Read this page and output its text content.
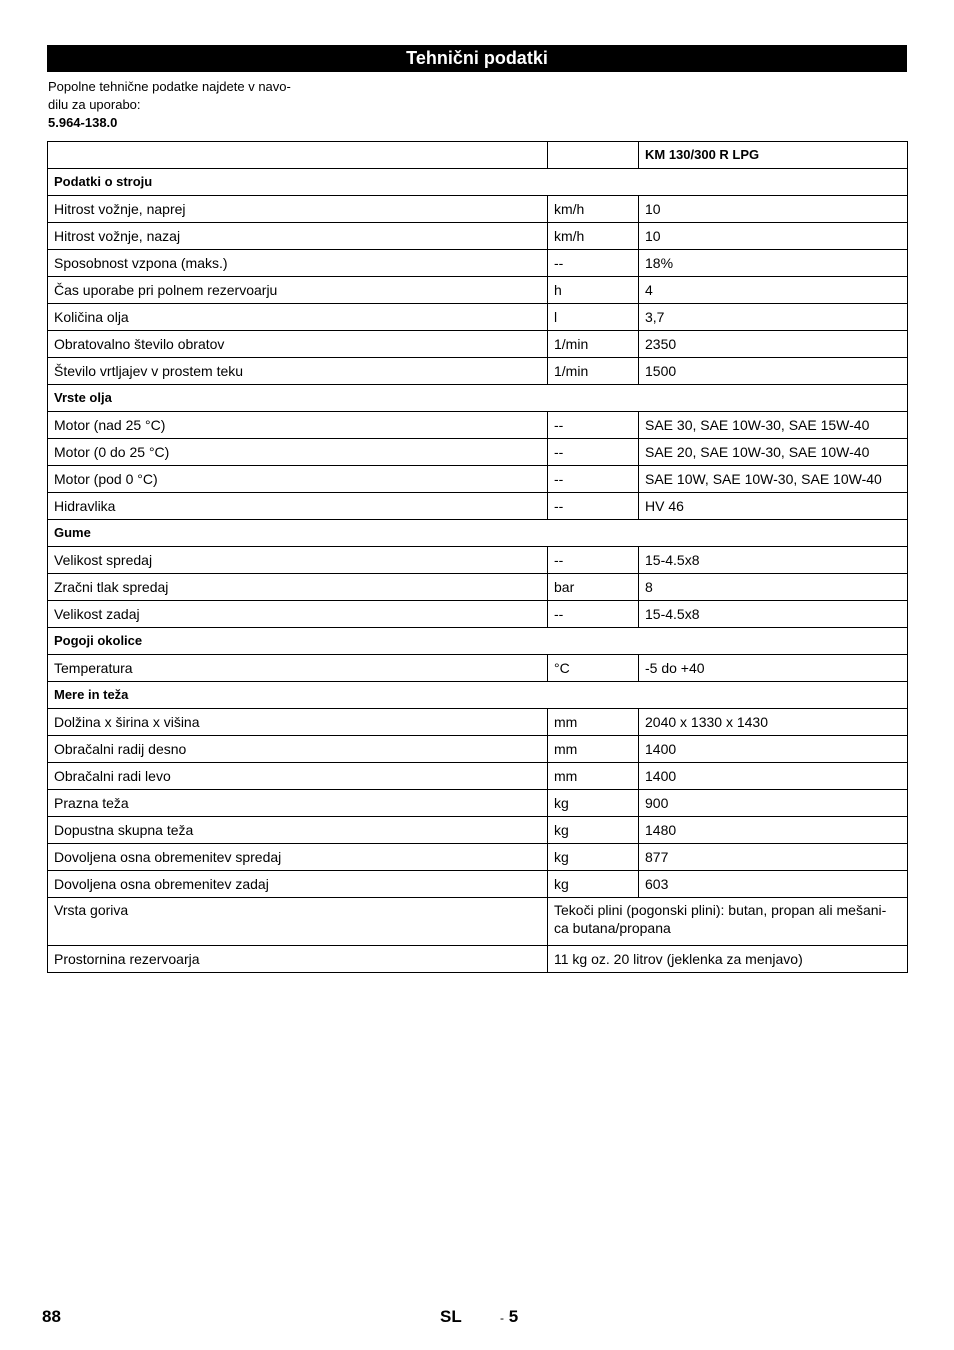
Tehnični podatki
Popolne tehnične podatke najdete v navo-
dilu za uporabo:
5.964-138.0
		KM 130/300 R LPG
Podatki o stroju		
Hitrost vožnje, naprej	km/h	10
Hitrost vožnje, nazaj	km/h	10
Sposobnost vzpona (maks.)	--	18%
Čas uporabe pri polnem rezervoarju	h	4
Količina olja	l	3,7
Obratovalno število obratov	1/min	2350
Število vrtljajev v prostem teku	1/min	1500
Vrste olja		
Motor (nad 25 °C)	--	SAE 30, SAE 10W-30, SAE 15W-40
Motor (0 do 25 °C)	--	SAE 20, SAE 10W-30, SAE 10W-40
Motor (pod 0 °C)	--	SAE 10W, SAE 10W-30, SAE 10W-40
Hidravlika	--	HV 46
Gume		
Velikost spredaj	--	15-4.5x8
Zračni tlak spredaj	bar	8
Velikost zadaj	--	15-4.5x8
Pogoji okolice		
Temperatura	°C	-5 do +40
Mere in teža		
Dolžina x širina x višina	mm	2040 x 1330 x 1430
Obračalni radij desno	mm	1400
Obračalni radi levo	mm	1400
Prazna teža	kg	900
Dopustna skupna teža	kg	1480
Dovoljena osna obremenitev spredaj	kg	877
Dovoljena osna obremenitev zadaj	kg	603
Vrsta goriva	Tekoči plini (pogonski plini): butan, propan ali mešani-
ca butana/propana	

Prostornina rezervoarja	11 kg oz. 20 litrov (jeklenka za menjavo)	
88	SL	- 5
